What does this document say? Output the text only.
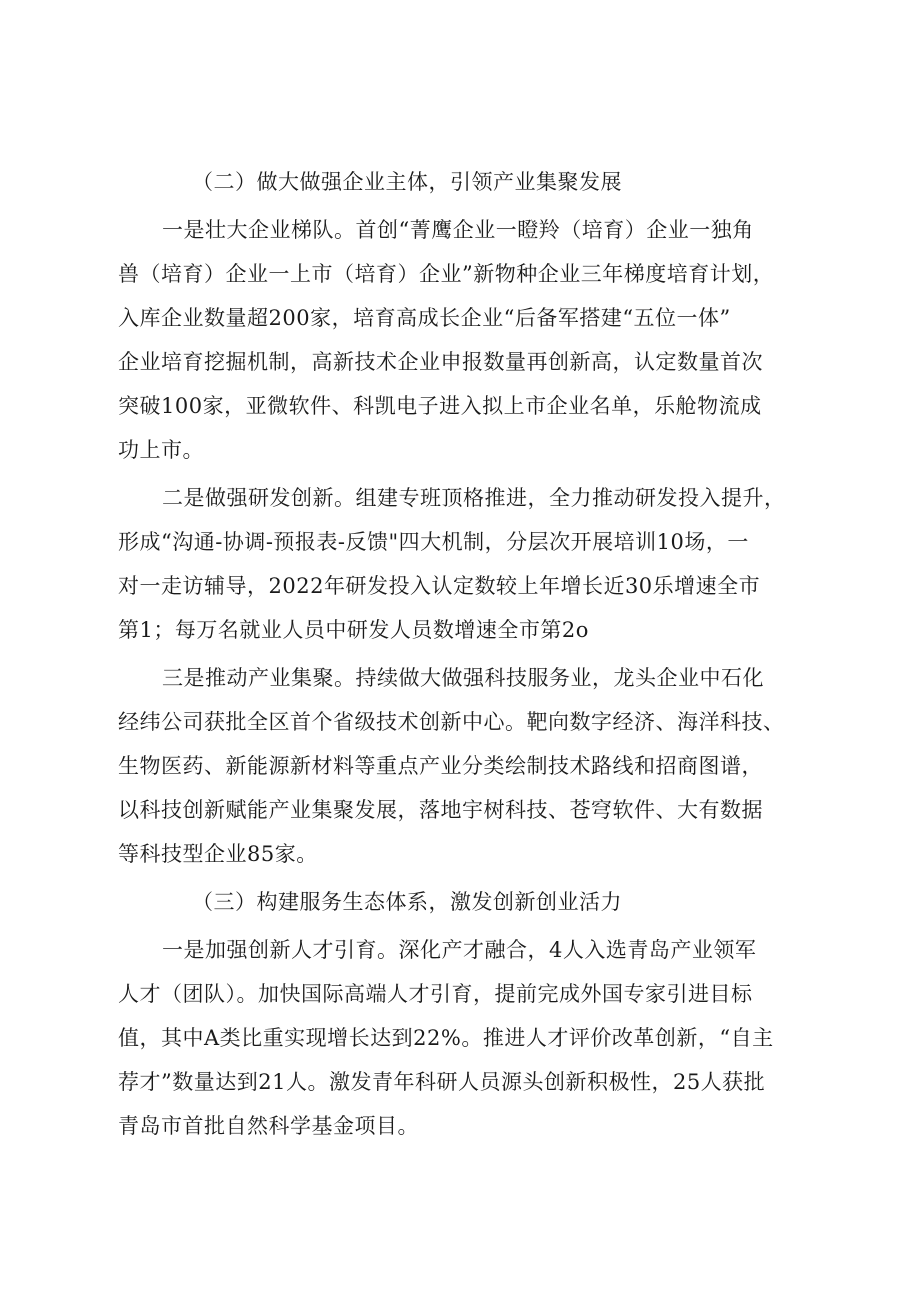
（二）做大做强企业主体，引领产业集聚发展
一是壮大企业梯队。首创“菁鹰企业一瞪羚（培育）企业一独角
兽（培育）企业一上市（培育）企业”新物种企业三年梯度培育计划，
入库企业数量超200家，培育高成长企业“后备军搭建“五位一体”
企业培育挖掘机制，高新技术企业申报数量再创新高，认定数量首次
突破100家，亚微软件、科凯电子进入拟上市企业名单，乐舱物流成
功上市。
二是做强研发创新。组建专班顶格推进，全力推动研发投入提升，
形成“沟通-协调-预报表-反馈"四大机制，分层次开展培训10场，一
对一走访辅导，2022年研发投入认定数较上年增长近30乐增速全市
第1；每万名就业人员中研发人员数增速全市第2o
三是推动产业集聚。持续做大做强科技服务业，龙头企业中石化
经纬公司获批全区首个省级技术创新中心。靶向数字经济、海洋科技、
生物医药、新能源新材料等重点产业分类绘制技术路线和招商图谱，
以科技创新赋能产业集聚发展，落地宇树科技、苍穹软件、大有数据
等科技型企业85家。
（三）构建服务生态体系，激发创新创业活力
一是加强创新人才引育。深化产才融合，4人入选青岛产业领军
人才（团队）。加快国际高端人才引育，提前完成外国专家引进目标
值，其中A类比重实现增长达到22%。推进人才评价改革创新，“自主
荐才”数量达到21人。激发青年科研人员源头创新积极性，25人获批
青岛市首批自然科学基金项目。
